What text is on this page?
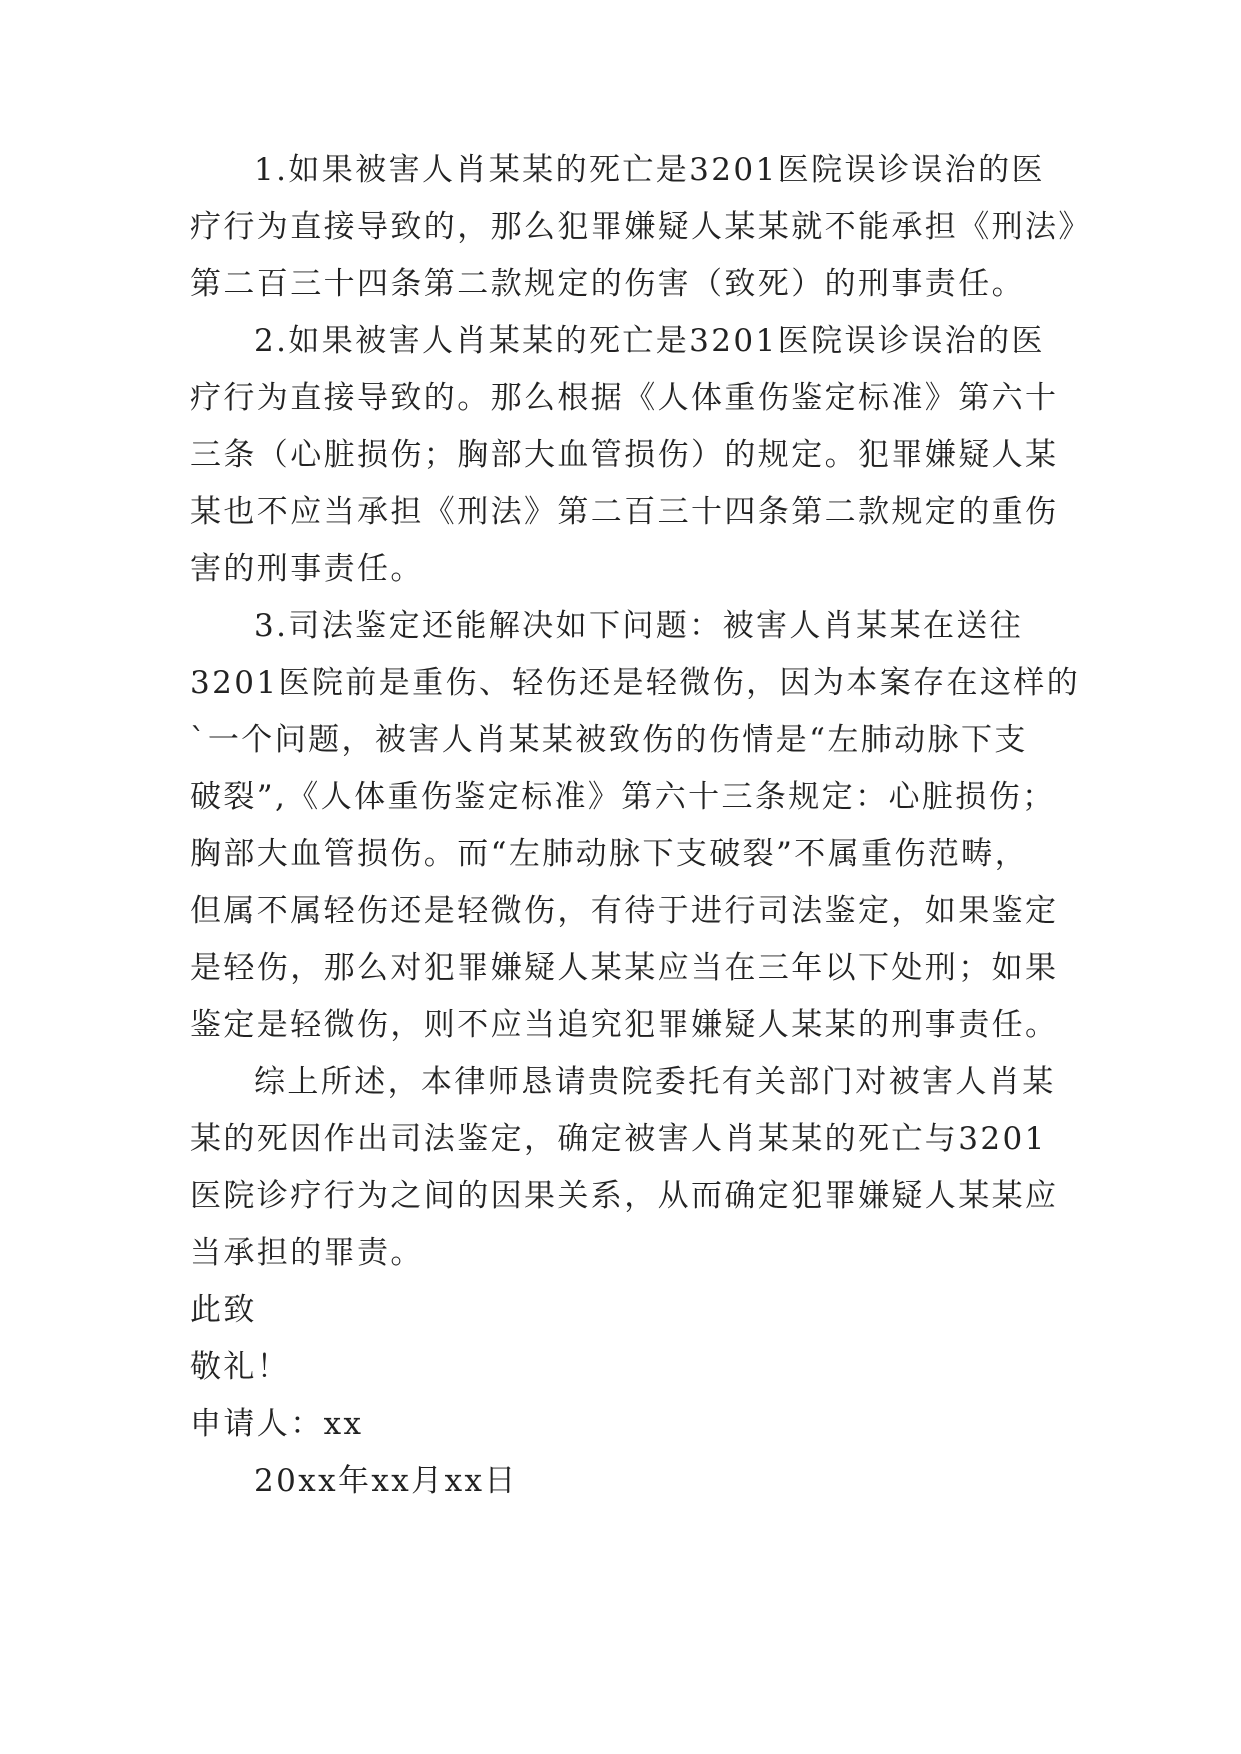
1.如果被害人肖某某的死亡是3201医院误诊误治的医
疗行为直接导致的，那么犯罪嫌疑人某某就不能承担《刑法》
第二百三十四条第二款规定的伤害（致死）的刑事责任。
2.如果被害人肖某某的死亡是3201医院误诊误治的医
疗行为直接导致的。那么根据《人体重伤鉴定标准》第六十
三条（心脏损伤；胸部大血管损伤）的规定。犯罪嫌疑人某
某也不应当承担《刑法》第二百三十四条第二款规定的重伤
害的刑事责任。
3.司法鉴定还能解决如下问题：被害人肖某某在送往
3201医院前是重伤、轻伤还是轻微伤，因为本案存在这样的
`一个问题，被害人肖某某被致伤的伤情是“左肺动脉下支
破裂”,《人体重伤鉴定标准》第六十三条规定：心脏损伤；
胸部大血管损伤。而“左肺动脉下支破裂”不属重伤范畴，
但属不属轻伤还是轻微伤，有待于进行司法鉴定，如果鉴定
是轻伤，那么对犯罪嫌疑人某某应当在三年以下处刑；如果
鉴定是轻微伤，则不应当追究犯罪嫌疑人某某的刑事责任。
综上所述，本律师恳请贵院委托有关部门对被害人肖某
某的死因作出司法鉴定，确定被害人肖某某的死亡与3201
医院诊疗行为之间的因果关系，从而确定犯罪嫌疑人某某应
当承担的罪责。
此致
敬礼！
申请人：xx
20xx年xx月xx日
